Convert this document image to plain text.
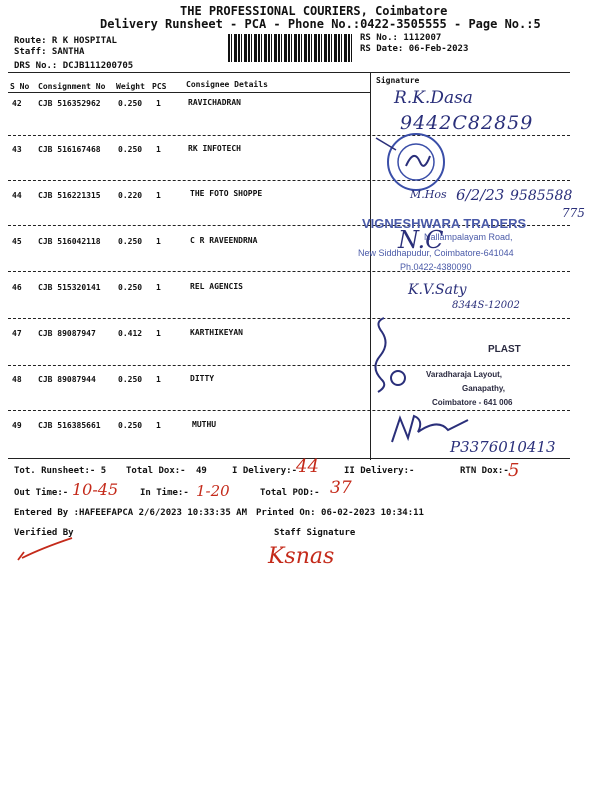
THE PROFESSIONAL COURIERS, Coimbatore
Delivery Runsheet - PCA - Phone No.:0422-3505555 - Page No.:5
Route: R K HOSPITAL
Staff: SANTHA
DRS No.: DCJB111200705
RS No.: 1112007
RS Date: 06-Feb-2023
S No Consignment No Weight PCS Consignee Details	Signature
42 CJB 516352962 0.250 1	RAVICHADRAN
43 CJB 516167468 0.250 1	RK INFOTECH
44 CJB 516221315 0.220 1	THE FOTO SHOPPE
45 CJB 516042118 0.250 1	C R RAVEENDRNA
46 CJB 515320141 0.250 1	REL AGENCIS
47 CJB 89087947	0.412 1	KARTHIKEYAN
48 CJB 89087944	0.250 1	DITTY
49 CJB 516385661 0.250 1	MUTHU
R.K.Dasa
9442C82859
M.Hos 6/2/23 9585588
775
VIGNESHWARA TRADERS
Nallampalayam Road,
New Siddhapudur, Coimbatore-641044
Ph.0422-4380090
N.C
K.V.Saty
8344S-12002
PLAST
Varadharaja Layout,
Ganapathy,
Coimbatore - 641 006
P3376010413
Tot. Runsheet:- 5 Total Dox:- 49	I Delivery:-
44	II Delivery:-	RTN Dox:- 5
Out Time:- 10-45 In Time:- 1-20	Total POD:- 37
Entered By :HAFEEFAPCA 2/6/2023 10:33:35 AM Printed On: 06-02-2023 10:34:11
Verified By	Staff Signature
Ksnas
